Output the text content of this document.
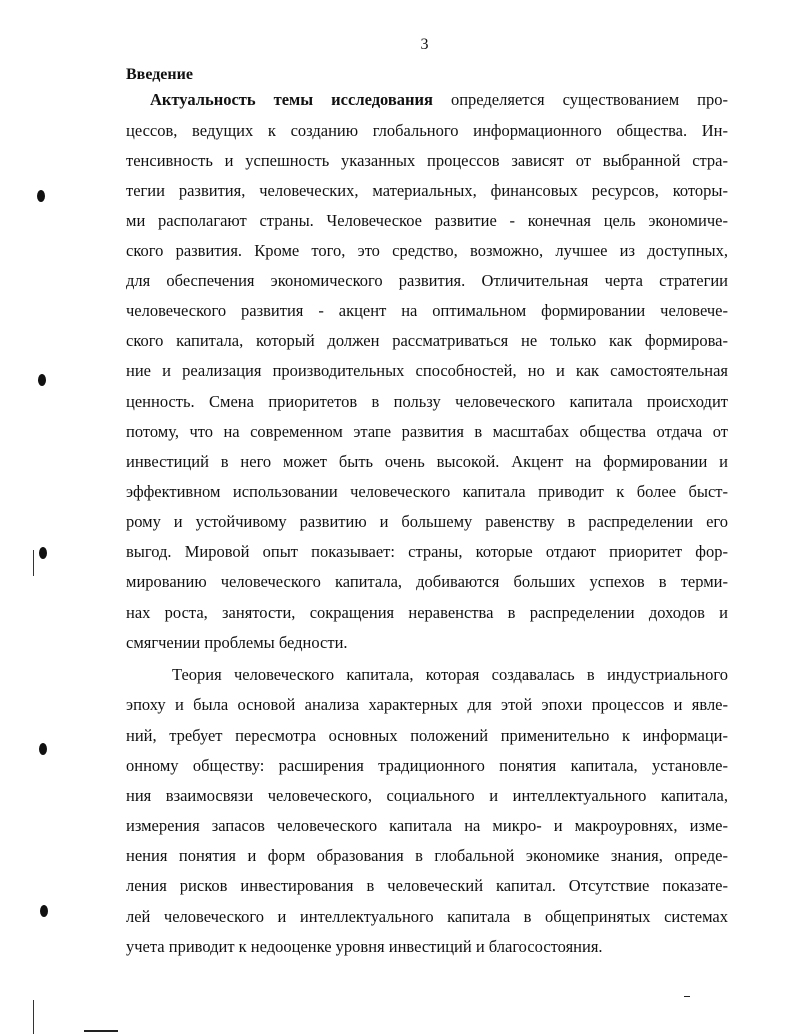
3
Введение
Актуальность темы исследования определяется существованием про-
цессов, ведущих к созданию глобального информационного общества. Ин-
тенсивность и успешность указанных процессов зависят от выбранной стра-
тегии развития, человеческих, материальных, финансовых ресурсов, которы-
ми располагают страны. Человеческое развитие - конечная цель экономиче-
ского развития. Кроме того, это средство, возможно, лучшее из доступных,
для обеспечения экономического развития. Отличительная черта стратегии
человеческого развития - акцент на оптимальном формировании человече-
ского капитала, который должен рассматриваться не только как формирова-
ние и реализация производительных способностей, но и как самостоятельная
ценность. Смена приоритетов в пользу человеческого капитала происходит
потому, что на современном этапе развития в масштабах общества отдача от
инвестиций в него может быть очень высокой. Акцент на формировании и
эффективном использовании человеческого капитала приводит к более быст-
рому и устойчивому развитию и большему равенству в распределении его
выгод. Мировой опыт показывает: страны, которые отдают приоритет фор-
мированию человеческого капитала, добиваются больших успехов в терми-
нах роста, занятости, сокращения неравенства в распределении доходов и
смягчении проблемы бедности.
Теория человеческого капитала, которая создавалась в индустриального
эпоху и была основой анализа характерных для этой эпохи процессов и явле-
ний, требует пересмотра основных положений применительно к информаци-
онному обществу: расширения традиционного понятия капитала, установле-
ния взаимосвязи человеческого, социального и интеллектуального капитала,
измерения запасов человеческого капитала на микро- и макроуровнях, изме-
нения понятия и форм образования в глобальной экономике знания, опреде-
ления рисков инвестирования в человеческий капитал. Отсутствие показате-
лей человеческого и интеллектуального капитала в общепринятых системах
учета приводит к недооценке уровня инвестиций и благосостояния.
